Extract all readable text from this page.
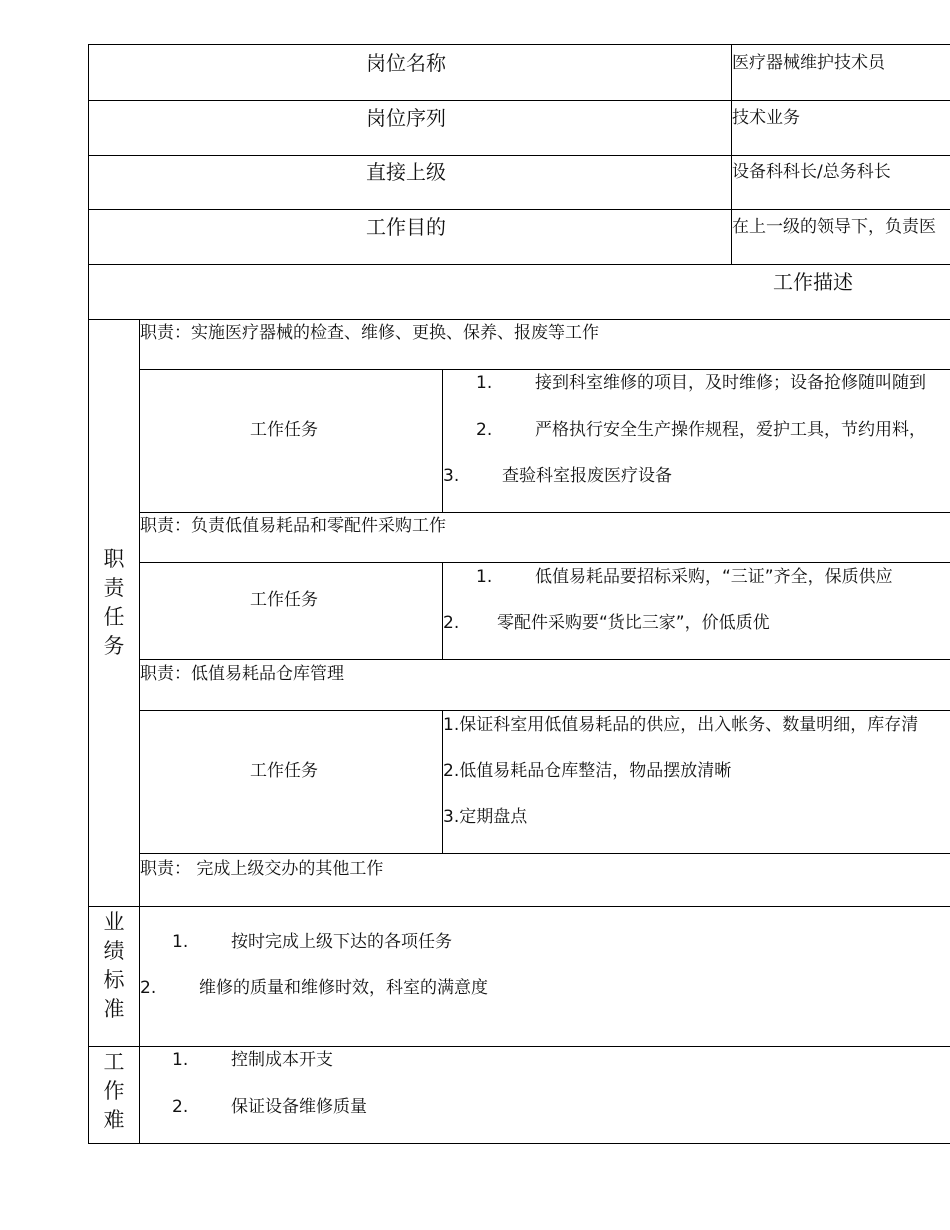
岗位名称	医疗器械维护技术员
岗位序列	技术业务
直接上级	设备科科长/总务科长
工作目的	在上一级的领导下，负责医
工作描述
职
责
任
务
职责：实施医疗器械的检查、维修、更换、保养、报废等工作
工作任务
1.	接到科室维修的项目，及时维修；设备抢修随叫随到
2.	严格执行安全生产操作规程，爱护工具，节约用料，
3.	查验科室报废医疗设备
职责：负责低值易耗品和零配件采购工作
工作任务
1.	低值易耗品要招标采购，“三证”齐全，保质供应
2. 零配件采购要“货比三家”，价低质优
职责：低值易耗品仓库管理
工作任务
1.保证科室用低值易耗品的供应，出入帐务、数量明细，库存清
2.低值易耗品仓库整洁，物品摆放清晰
3.定期盘点
职责： 完成上级交办的其他工作
业
绩
标
准
1.	按时完成上级下达的各项任务
2.	维修的质量和维修时效，科室的满意度
工
作
难
1.	控制成本开支
2.	保证设备维修质量
